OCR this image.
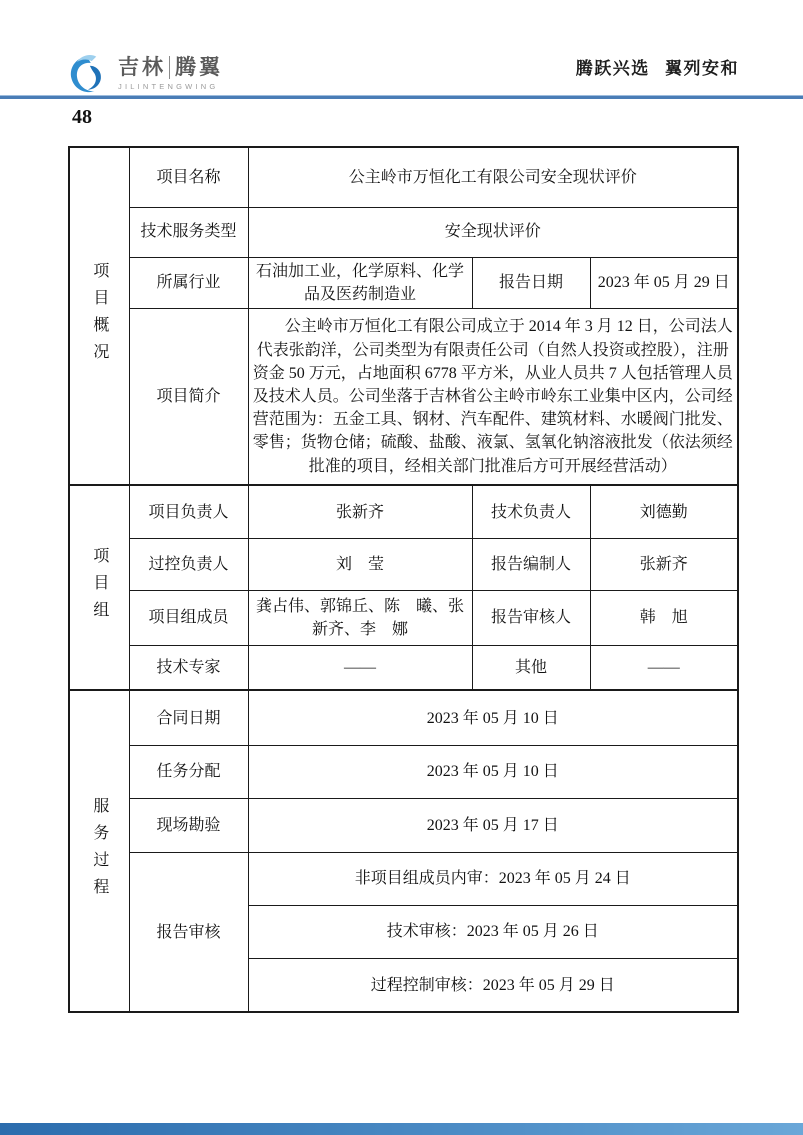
吉林 腾翼
JILINTENGWING
腾跃兴选 翼列安和
48
项目概况	项目名称	公主岭市万恒化工有限公司安全现状评价		
	技术服务类型	安全现状评价		
	所属行业	石油加工业，化学原料、化学品及医药制造业	报告日期	2023 年 05 月 29 日
	项目简介	公主岭市万恒化工有限公司成立于 2014 年 3 月 12 日，公司法人代表张韵洋，公司类型为有限责任公司（自然人投资或控股），注册资金 50 万元，占地面积 6778 平方米，从业人员共 7 人包括管理人员及技术人员。公司坐落于吉林省公主岭市岭东工业集中区内，公司经营范围为：五金工具、钢材、汽车配件、建筑材料、水暖阀门批发、零售；货物仓储；硫酸、盐酸、液氯、氢氧化钠溶液批发（依法须经批准的项目，经相关部门批准后方可开展经营活动）		

项目组	项目负责人	张新齐	技术负责人	刘德勤
	过控负责人	刘　莹	报告编制人	张新齐
	项目组成员	龚占伟、郭锦丘、陈　曦、张新齐、李　娜	报告审核人	韩　旭
	技术专家	——	其他	——

服务过程	合同日期	2023 年 05 月 10 日		
	任务分配	2023 年 05 月 10 日		
	现场勘验	2023 年 05 月 17 日		
	报告审核	非项目组成员内审：2023 年 05 月 24 日		
		技术审核：2023 年 05 月 26 日		
		过程控制审核：2023 年 05 月 29 日		
